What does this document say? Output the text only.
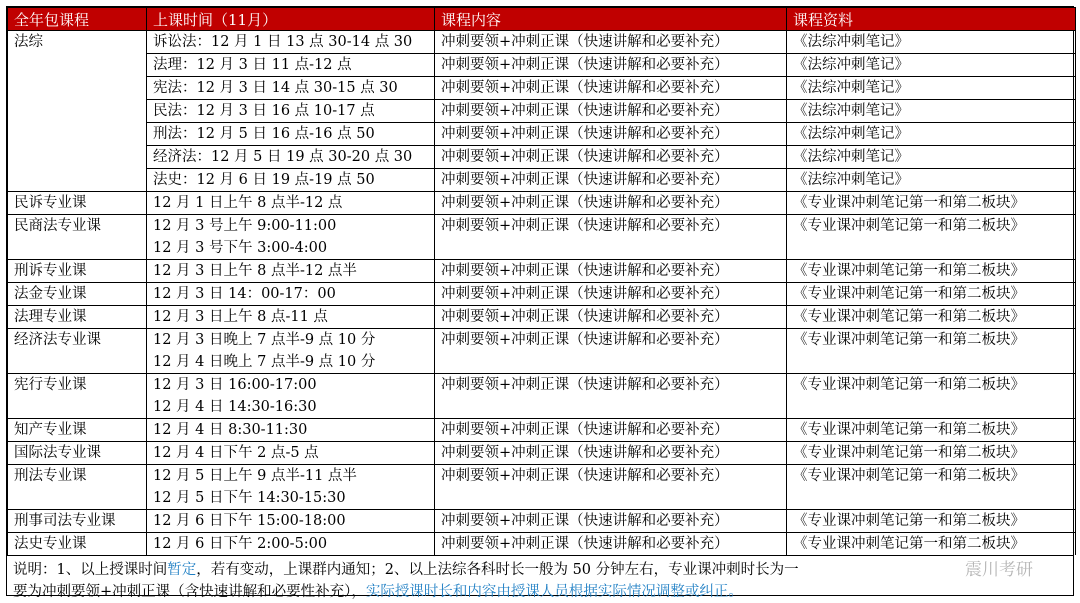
全年包课程	上课时间（11月）	课程内容	课程资料
法综	诉讼法：12 月 1 日 13 点 30-14 点 30	冲刺要领+冲刺正课（快速讲解和必要补充）	《法综冲刺笔记》
	法理：12 月 3 日 11 点-12 点	冲刺要领+冲刺正课（快速讲解和必要补充）	《法综冲刺笔记》
	宪法：12 月 3 日 14 点 30-15 点 30	冲刺要领+冲刺正课（快速讲解和必要补充）	《法综冲刺笔记》
	民法：12 月 3 日 16 点 10-17 点	冲刺要领+冲刺正课（快速讲解和必要补充）	《法综冲刺笔记》
	刑法：12 月 5 日 16 点-16 点 50	冲刺要领+冲刺正课（快速讲解和必要补充）	《法综冲刺笔记》
	经济法：12 月 5 日 19 点 30-20 点 30	冲刺要领+冲刺正课（快速讲解和必要补充）	《法综冲刺笔记》
	法史：12 月 6 日 19 点-19 点 50	冲刺要领+冲刺正课（快速讲解和必要补充）	《法综冲刺笔记》
民诉专业课	12 月 1 日上午 8 点半-12 点	冲刺要领+冲刺正课（快速讲解和必要补充）	《专业课冲刺笔记第一和第二板块》
民商法专业课	12 月 3 号上午 9:00-11:00	冲刺要领+冲刺正课（快速讲解和必要补充）	《专业课冲刺笔记第一和第二板块》
	12 月 3 号下午 3:00-4:00		
刑诉专业课	12 月 3 日上午 8 点半-12 点半	冲刺要领+冲刺正课（快速讲解和必要补充）	《专业课冲刺笔记第一和第二板块》
法金专业课	12 月 3 日 14：00-17：00	冲刺要领+冲刺正课（快速讲解和必要补充）	《专业课冲刺笔记第一和第二板块》
法理专业课	12 月 3 日上午 8 点-11 点	冲刺要领+冲刺正课（快速讲解和必要补充）	《专业课冲刺笔记第一和第二板块》
经济法专业课	12 月 3 日晚上 7 点半-9 点 10 分	冲刺要领+冲刺正课（快速讲解和必要补充）	《专业课冲刺笔记第一和第二板块》
	12 月 4 日晚上 7 点半-9 点 10 分		
宪行专业课	12 月 3 日 16:00-17:00	冲刺要领+冲刺正课（快速讲解和必要补充）	《专业课冲刺笔记第一和第二板块》
	12 月 4 日 14:30-16:30		
知产专业课	12 月 4 日 8:30-11:30	冲刺要领+冲刺正课（快速讲解和必要补充）	《专业课冲刺笔记第一和第二板块》
国际法专业课	12 月 4 日下午 2 点-5 点	冲刺要领+冲刺正课（快速讲解和必要补充）	《专业课冲刺笔记第一和第二板块》
刑法专业课	12 月 5 日上午 9 点半-11 点半	冲刺要领+冲刺正课（快速讲解和必要补充）	《专业课冲刺笔记第一和第二板块》
	12 月 5 日下午 14:30-15:30		
刑事司法专业课	12 月 6 日下午 15:00-18:00	冲刺要领+冲刺正课（快速讲解和必要补充）	《专业课冲刺笔记第一和第二板块》
法史专业课	12 月 6 日下午 2:00-5:00	冲刺要领+冲刺正课（快速讲解和必要补充）	《专业课冲刺笔记第一和第二板块》
说明：1、以上授课时间暂定，若有变动，上课群内通知；2、以上法综各科时长一般为 50 分钟左右，专业课冲刺时长为一
要为冲刺要领+冲刺正课（含快速讲解和必要性补充），实际授课时长和内容由授课人员根据实际情况调整或纠正。
震川考研
